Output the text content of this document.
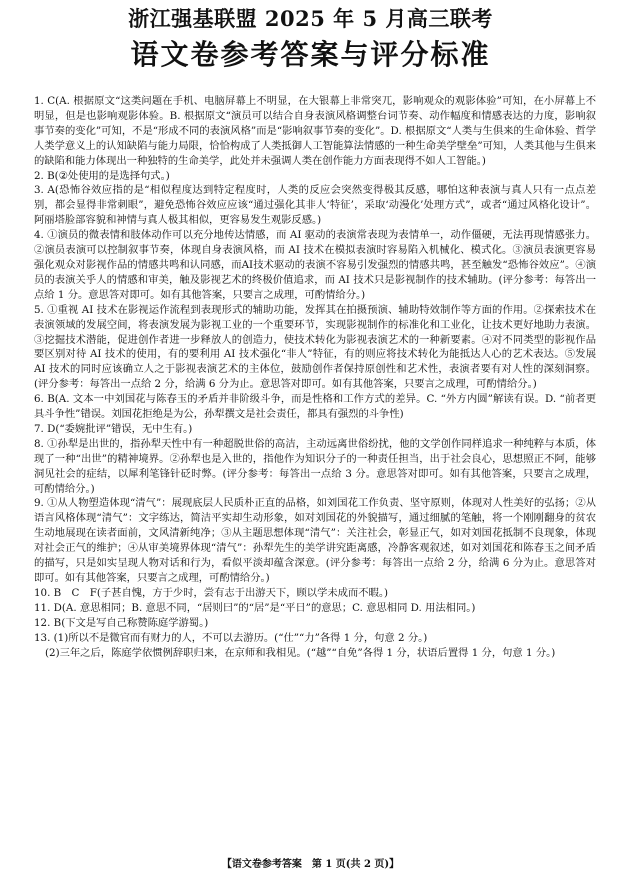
浙江强基联盟 2025 年 5 月高三联考
语文卷参考答案与评分标准

1. C(A. 根据原文“这类问题在手机、电脑屏幕上不明显，在大银幕上非常突兀，影响观众的观影体验”可知，在小屏幕上不明显，但是也影响观影体验。B. 根据原文“演员可以结合自身表演风格调整台词节奏、动作幅度和情感表达的力度，影响叙事节奏的变化”可知，不是“形成不同的表演风格”而是“影响叙事节奏的变化”。D. 根据原文“人类与生俱来的生命体验、哲学人类学意义上的认知缺陷与能力局限，恰恰构成了人类抵御人工智能算法情感的一种生命美学壁垒”可知，人类其他与生俱来的缺陷和能力体现出一种独特的生命美学，此处并未强调人类在创作能力方面表现得不如人工智能。)

2. B(②处使用的是选择句式。)

3. A(恐怖谷效应指的是“相似程度达到特定程度时，人类的反应会突然变得极其反感，哪怕这种表演与真人只有一点点差别，都会显得非常刺眼”，避免恐怖谷效应应该“通过强化其非人‘特征’，采取‘动漫化’处理方式”，或者“通过风格化设计”。阿丽塔脸部容貌和神情与真人极其相似，更容易发生观影反感。)

4. ①演员的微表情和肢体动作可以充分地传达情感，而 AI 驱动的表演常表现为表情单一，动作僵硬，无法再现情感张力。②演员表演可以控制叙事节奏，体现自身表演风格，而 AI 技术在模拟表演时容易陷入机械化、模式化。③演员表演更容易强化观众对影视作品的情感共鸣和认同感，而AI技术驱动的表演不容易引发强烈的情感共鸣，甚至触发“恐怖谷效应”。④演员的表演关乎人的情感和审美，触及影视艺术的终极价值追求，而 AI 技术只是影视制作的技术辅助。(评分参考：每答出一点给 1 分。意思答对即可。如有其他答案，只要言之成理，可酌情给分。)

5. ①重视 AI 技术在影视运作流程到表现形式的辅助功能，发挥其在拍摄预演、辅助特效制作等方面的作用。②探索技术在表演领域的发展空间，将表演发展为影视工业的一个重要环节，实现影视制作的标准化和工业化，让技术更好地助力表演。③挖掘技术潜能，促进创作者进一步释放人的创造力，使技术转化为影视表演艺术的一种新要素。④对不同类型的影视作品要区别对待 AI 技术的使用，有的要利用 AI 技术强化“非人”特征，有的则应将技术转化为能抵达人心的艺术表达。⑤发展 AI 技术的同时应该确立人之于影视表演艺术的主体位，鼓励创作者保持原创性和艺术性，表演者要有对人性的深刻洞察。(评分参考：每答出一点给 2 分，给满 6 分为止。意思答对即可。如有其他答案，只要言之成理，可酌情给分。)

6. B(A. 文本一中刘国花与陈春玉的矛盾并非阶级斗争，而是性格和工作方式的差异。C. “外方内圆”解读有误。D. “前者更具斗争性”错误。刘国花拒绝是为公，孙犁撰文是社会责任，都具有强烈的斗争性)

7. D(“委婉批评”错误，无中生有。)

8. ①孙犁是出世的，指孙犁天性中有一种超脱世俗的高洁，主动远离世俗纷扰，他的文学创作同样追求一种纯粹与本质，体现了一种“出世”的精神境界。②孙犁也是入世的，指他作为知识分子的一种责任担当，出于社会良心，思想照正不阿，能够洞见社会的症结，以犀利笔锋针砭时弊。(评分参考：每答出一点给 3 分。意思答对即可。如有其他答案，只要言之成理，可酌情给分。)

9. ①从人物塑造体现“清气”：展现底层人民质朴正直的品格，如刘国花工作负责、坚守原则，体现对人性美好的弘扬；②从语言风格体现“清气”：文字练达，简洁平实却生动形象，如对刘国花的外貌描写，通过细腻的笔触，将一个刚刚翻身的贫农生动地展现在读者面前，文风清新纯净；③从主题思想体现“清气”：关注社会，彰显正气，如对刘国花抵制不良现象，体现对社会正气的维护；④从审美境界体现“清气”：孙犁先生的美学讲究距离感，冷静客观叙述，如对刘国花和陈春玉之间矛盾的描写，只是如实呈现人物对话和行为，看似平淡却蕴含深意。(评分参考：每答出一点给 2 分，给满 6 分为止。意思答对即可。如有其他答案，只要言之成理，可酌情给分。)

10. B　C　F(子甚自愧，方于少时，尝有志于出游天下，顾以学未成而不暇。)

11. D(A. 意思相同；B. 意思不同，“居则曰”的“居”是“平日”的意思；C. 意思相同 D. 用法相同。)

12. B(下文是写自己称赞陈庭学游蜀。)

13. (1)所以不是微官而有财力的人，不可以去游历。(“仕”“力”各得 1 分，句意 2 分。)

(2)三年之后，陈庭学依惯例辞职归来，在京师和我相见。(“越”“自免”各得 1 分，状语后置得 1 分，句意 1 分。)

【语文卷参考答案　第 1 页(共 2 页)】
